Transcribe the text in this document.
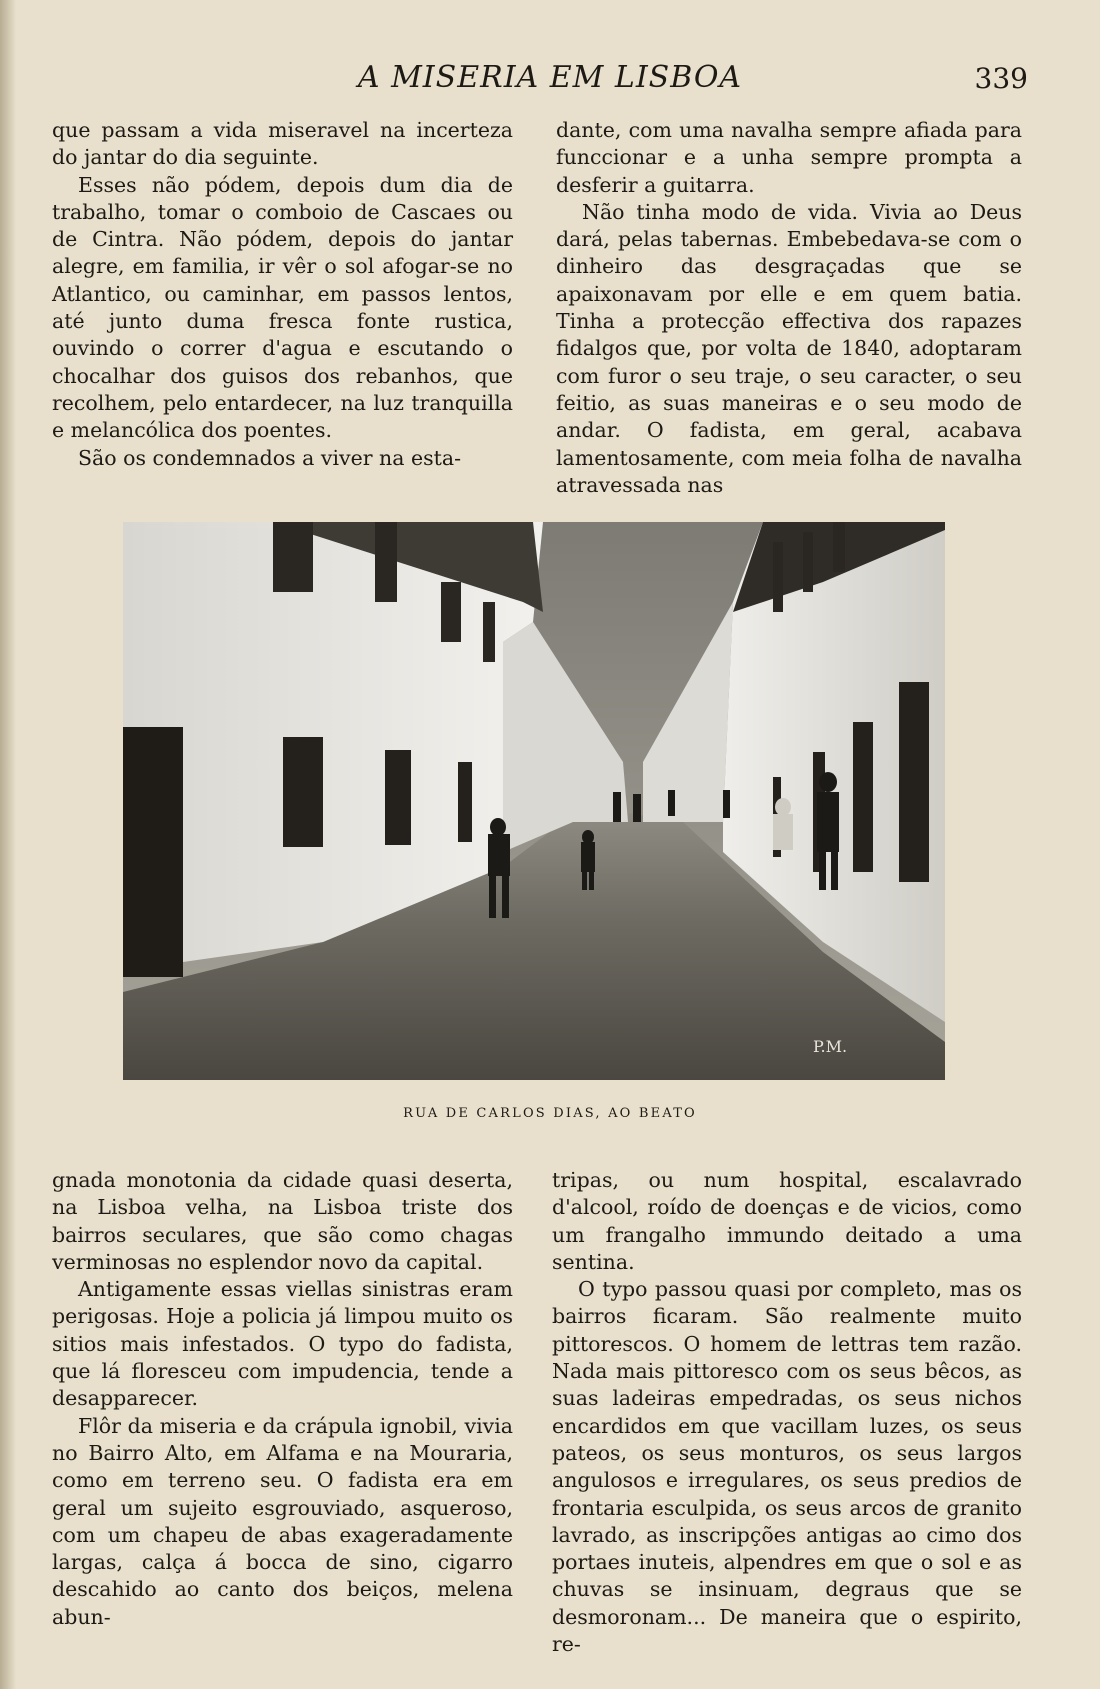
A MISERIA EM LISBOA	339

que passam a vida miseravel na incerteza do jantar do dia seguinte.

Esses não pódem, depois dum dia de trabalho, tomar o comboio de Cascaes ou de Cintra. Não pódem, depois do jantar alegre, em familia, ir vêr o sol afogar-se no Atlantico, ou caminhar, em passos lentos, até junto duma fresca fonte rustica, ouvindo o correr d'agua e escutando o chocalhar dos guisos dos rebanhos, que recolhem, pelo entardecer, na luz tranquilla e melancólica dos poentes.

São os condemnados a viver na esta-

dante, com uma navalha sempre afiada para funccionar e a unha sempre prompta a desferir a guitarra.

Não tinha modo de vida. Vivia ao Deus dará, pelas tabernas. Embebedava-se com o dinheiro das desgraçadas que se apaixonavam por elle e em quem batia. Tinha a protecção effectiva dos rapazes fidalgos que, por volta de 1840, adoptaram com furor o seu traje, o seu caracter, o seu feitio, as suas maneiras e o seu modo de andar. O fadista, em geral, acabava lamentosamente, com meia folha de navalha atravessada nas

P.M.
RUA DE CARLOS DIAS, AO BEATO

gnada monotonia da cidade quasi deserta, na Lisboa velha, na Lisboa triste dos bairros seculares, que são como chagas verminosas no esplendor novo da capital.

Antigamente essas viellas sinistras eram perigosas. Hoje a policia já limpou muito os sitios mais infestados. O typo do fadista, que lá floresceu com impudencia, tende a desapparecer.

Flôr da miseria e da crápula ignobil, vivia no Bairro Alto, em Alfama e na Mouraria, como em terreno seu. O fadista era em geral um sujeito esgrouviado, asqueroso, com um chapeu de abas exageradamente largas, calça á bocca de sino, cigarro descahido ao canto dos beiços, melena abun-

tripas, ou num hospital, escalavrado d'alcool, roído de doenças e de vicios, como um frangalho immundo deitado a uma sentina.

O typo passou quasi por completo, mas os bairros ficaram. São realmente muito pittorescos. O homem de lettras tem razão. Nada mais pittoresco com os seus bêcos, as suas ladeiras empedradas, os seus nichos encardidos em que vacillam luzes, os seus pateos, os seus monturos, os seus largos angulosos e irregulares, os seus predios de frontaria esculpida, os seus arcos de granito lavrado, as inscripções antigas ao cimo dos portaes inuteis, alpendres em que o sol e as chuvas se insinuam, degraus que se desmoronam... De maneira que o espirito, re-
